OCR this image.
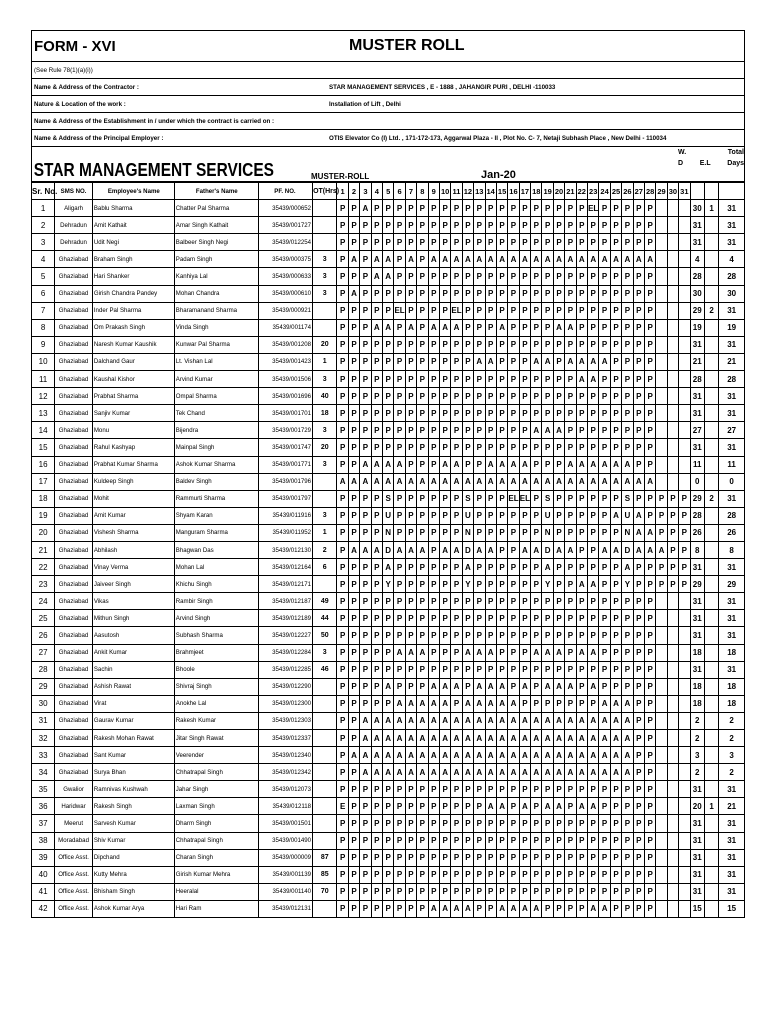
FORM - XVI	MUSTER ROLL
(See Rule 78(1)(a)(i))
Name & Address of the Contractor :	STAR MANAGEMENT SERVICES , E - 1888 , JAHANGIR PURI , DELHI -110033
Nature & Location of the work :	Installation of Lift , Delhi
Name & Address of the Establishment in / under which the contract is carried on :
Name & Address of the Principal Employer :	OTIS Elevator Co (I) Ltd. , 171-172-173, Aggarwal Plaza - II , Plot No. C- 7, Netaji Subhash Place , New Delhi - 110034
STAR MANAGEMENT SERVICES	MUSTER-ROLL	Jan-20
W.	Total
D E.L Days
Sr. No.	SMS NO.	Employee's Name	Father's Name	PF. NO.	OT(Hrs)	1	2	3	4	5	6	7	8	9	10	11	12	13	14	15	16	17	18	19	20	21	22	23	24	25	26	27	28	29	30	31			
1	Aligarh	Bablu Sharma	Chatter Pal Sharma	35439/000652		P	P	A	P	P	P	P	P	P	P	P	P	P	P	P	P	P	P	P	P	P	P	EL	P	P	P	P	P				30	1	31
2	Dehradun	Amit Kathait	Amar Singh Kathait	35439/001727		P	P	P	P	P	P	P	P	P	P	P	P	P	P	P	P	P	P	P	P	P	P	P	P	P	P	P	P				31		31
3	Dehradun	Udit Negi	Balbeer Singh Negi	35439/012254		P	P	P	P	P	P	P	P	P	P	P	P	P	P	P	P	P	P	P	P	P	P	P	P	P	P	P	P				31		31
4	Ghaziabad	Braham Singh	Padam Singh	35439/000375	3	P	A	P	A	A	P	A	P	A	A	A	A	A	A	A	A	A	A	A	A	A	A	A	A	A	A	A	A				4		4
5	Ghaziabad	Hari Shanker	Kanhiya Lal	35439/000633	3	P	P	P	A	A	P	P	P	P	P	P	P	P	P	P	P	P	P	P	P	P	P	P	P	P	P	P	P				28		28
6	Ghaziabad	Girish Chandra Pandey	Mohan Chandra	35439/000610	3	P	A	P	P	P	P	P	P	P	P	P	P	P	P	P	P	P	P	P	P	P	P	P	P	P	P	P	P				30		30
7	Ghaziabad	Inder Pal Sharma	Bharamanand Sharma	35439/000921		P	P	P	P	P	EL	P	P	P	P	EL	P	P	P	P	P	P	P	P	P	P	P	P	P	P	P	P	P				29	2	31
8	Ghaziabad	Om Prakash Singh	Vinda Singh	35439/001174		P	P	P	A	A	P	A	P	A	A	A	P	P	P	A	P	P	P	P	A	A	P	P	P	P	P	P	P				19		19
9	Ghaziabad	Naresh Kumar Kaushik	Kunwar Pal Sharma	35439/001208	20	P	P	P	P	P	P	P	P	P	P	P	P	P	P	P	P	P	P	P	P	P	P	P	P	P	P	P	P				31		31
10	Ghaziabad	Dalchand Gaur	Lt. Vishan Lal	35439/001423	1	P	P	P	P	P	P	P	P	P	P	P	P	A	A	P	P	P	A	A	P	A	A	A	A	P	P	P	P				21		21
11	Ghaziabad	Kaushal Kishor	Arvind Kumar	35439/001506	3	P	P	P	P	P	P	P	P	P	P	P	P	P	P	P	P	P	P	P	P	P	A	A	P	P	P	P	P				28		28
12	Ghaziabad	Prabhat Sharma	Ompal Sharma	35439/001696	40	P	P	P	P	P	P	P	P	P	P	P	P	P	P	P	P	P	P	P	P	P	P	P	P	P	P	P	P				31		31
13	Ghaziabad	Sanjiv Kumar	Tek Chand	35439/001701	18	P	P	P	P	P	P	P	P	P	P	P	P	P	P	P	P	P	P	P	P	P	P	P	P	P	P	P	P				31		31
14	Ghaziabad	Monu	Bijendra	35439/001729	3	P	P	P	P	P	P	P	P	P	P	P	P	P	P	P	P	P	A	A	A	P	P	P	P	P	P	P	P				27		27
15	Ghaziabad	Rahul Kashyap	Mainpal Singh	35439/001747	20	P	P	P	P	P	P	P	P	P	P	P	P	P	P	P	P	P	P	P	P	P	P	P	P	P	P	P	P				31		31
16	Ghaziabad	Prabhat Kumar Sharma	Ashok Kumar Sharma	35439/001771	3	P	P	A	A	A	A	P	P	P	A	A	P	P	A	A	A	A	P	P	P	A	A	A	A	A	A	P	P				11		11
17	Ghaziabad	Kuldeep Singh	Baldev Singh	35439/001796		A	A	A	A	A	A	A	A	A	A	A	A	A	A	A	A	A	A	A	A	A	A	A	A	A	A	A	A				0		0
18	Ghaziabad	Mohit	Rammurti Sharma	35439/001797		P	P	P	P	S	P	P	P	P	P	P	S	P	P	P	EL	EL	P	S	P	P	P	P	P	P	S	P	P	P	P	P	29	2	31
19	Ghaziabad	Amit Kumar	Shyam Karan	35439/011916	3	P	P	P	P	U	P	P	P	P	P	P	U	P	P	P	P	P	P	U	P	P	P	P	P	A	U	A	P	P	P	P	28		28
20	Ghaziabad	Vishesh Sharma	Manguram Sharma	35439/011952	1	P	P	P	P	N	P	P	P	P	P	P	N	P	P	P	P	P	P	N	P	P	P	P	P	P	N	A	A	P	P	P	26		26
21	Ghaziabad	Abhilash	Bhagwan Das	35439/012130	2	P	A	A	A	D	A	A	A	P	A	A	D	A	A	P	P	A	A	D	A	A	P	P	A	A	D	A	A	A	P	P	8		8
22	Ghaziabad	Vinay Verma	Mohan Lal	35439/012164	6	P	P	P	P	A	P	P	P	P	P	P	A	P	P	P	P	P	P	A	P	P	P	P	P	P	A	P	P	P	P	P	31		31
23	Ghaziabad	Jaiveer Singh	Khichu Singh	35439/012171		P	P	P	P	Y	P	P	P	P	P	P	Y	P	P	P	P	P	P	Y	P	P	A	A	P	P	Y	P	P	P	P	P	29		29
24	Ghaziabad	Vikas	Rambir Singh	35439/012187	49	P	P	P	P	P	P	P	P	P	P	P	P	P	P	P	P	P	P	P	P	P	P	P	P	P	P	P	P				31		31
25	Ghaziabad	Mithun Singh	Arvind Singh	35439/012189	44	P	P	P	P	P	P	P	P	P	P	P	P	P	P	P	P	P	P	P	P	P	P	P	P	P	P	P	P				31		31
26	Ghaziabad	Aasutosh	Subhash Sharma	35439/012227	50	P	P	P	P	P	P	P	P	P	P	P	P	P	P	P	P	P	P	P	P	P	P	P	P	P	P	P	P				31		31
27	Ghaziabad	Ankit Kumar	Brahmjeet	35439/012284	3	P	P	P	P	P	A	A	A	P	P	P	A	A	A	P	P	P	A	A	A	P	A	A	P	P	P	P	P				18		18
28	Ghaziabad	Sachin	Bhoole	35439/012285	46	P	P	P	P	P	P	P	P	P	P	P	P	P	P	P	P	P	P	P	P	P	P	P	P	P	P	P	P				31		31
29	Ghaziabad	Ashish Rawat	Shivraj Singh	35439/012290		P	P	P	P	A	P	P	P	A	A	A	P	A	A	A	P	A	P	A	A	A	P	A	P	P	P	P	P				18		18
30	Ghaziabad	Virat	Anokhe Lal	35439/012300		P	P	P	P	P	A	A	A	A	A	P	A	A	A	A	A	P	P	P	P	P	P	P	A	A	A	P	P				18		18
31	Ghaziabad	Gaurav Kumar	Rakesh Kumar	35439/012303		P	P	A	A	A	A	A	A	A	A	A	A	A	A	A	A	A	A	A	A	A	A	A	A	A	A	P	P				2		2
32	Ghaziabad	Rakesh Mohan Rawat	Jitar Singh Rawat	35439/012337		P	P	A	A	A	A	A	A	A	A	A	A	A	A	A	A	A	A	A	A	A	A	A	A	A	A	P	P				2		2
33	Ghaziabad	Sant Kumar	Veerender	35439/012340		P	A	A	A	A	A	A	A	A	A	A	A	A	A	A	A	A	A	A	A	A	A	A	A	A	A	P	P				3		3
34	Ghaziabad	Surya Bhan	Chhatrapal Singh	35439/012342		P	P	A	A	A	A	A	A	A	A	A	A	A	A	A	A	A	A	A	A	A	A	A	A	A	A	P	P				2		2
35	Gwalior	Ramnivas Kushwah	Jahar Singh	35439/012073		P	P	P	P	P	P	P	P	P	P	P	P	P	P	P	P	P	P	P	P	P	P	P	P	P	P	P	P				31		31
36	Haridwar	Rakesh Singh	Laxman Singh	35439/012118		E	P	P	P	P	P	P	P	P	P	P	P	P	A	A	P	A	P	A	A	P	A	A	P	P	P	P	P				20	1	21
37	Meerut	Sarvesh Kumar	Dharm Singh	35439/001501		P	P	P	P	P	P	P	P	P	P	P	P	P	P	P	P	P	P	P	P	P	P	P	P	P	P	P	P				31		31
38	Moradabad	Shiv Kumar	Chhatrapal Singh	35439/001490		P	P	P	P	P	P	P	P	P	P	P	P	P	P	P	P	P	P	P	P	P	P	P	P	P	P	P	P				31		31
39	Office Asst.	Dipchand	Charan Singh	35439/000009	87	P	P	P	P	P	P	P	P	P	P	P	P	P	P	P	P	P	P	P	P	P	P	P	P	P	P	P	P				31		31
40	Office Asst.	Kutty Mehra	Girish Kumar Mehra	35439/001139	85	P	P	P	P	P	P	P	P	P	P	P	P	P	P	P	P	P	P	P	P	P	P	P	P	P	P	P	P				31		31
41	Office Asst.	Bhisham Singh	Heeralal	35439/001140	70	P	P	P	P	P	P	P	P	P	P	P	P	P	P	P	P	P	P	P	P	P	P	P	P	P	P	P	P				31		31
42	Office Asst.	Ashok Kumar Arya	Hari Ram	35439/012131		P	P	P	P	P	P	P	P	A	A	A	A	P	P	A	A	A	A	P	P	P	P	A	A	P	P	P	P				15		15
